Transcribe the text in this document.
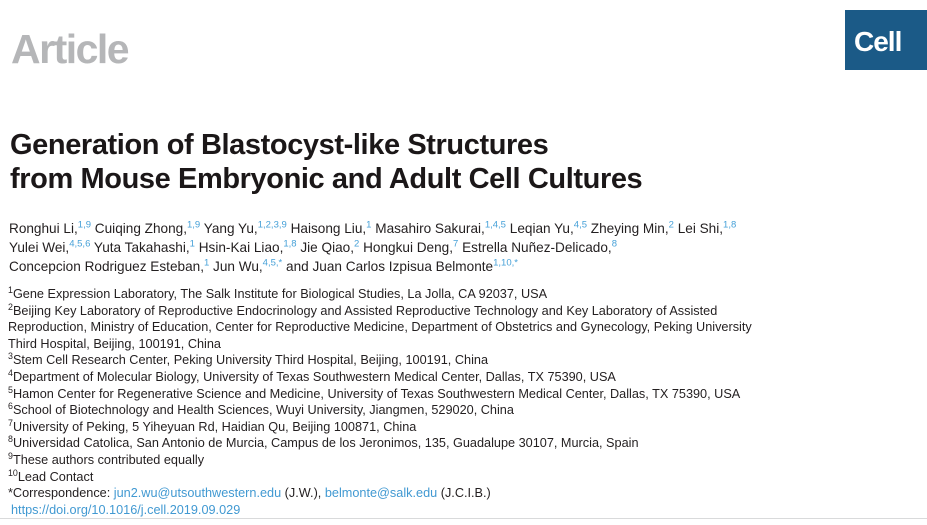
Article	Cell
Generation of Blastocyst-like Structures
from Mouse Embryonic and Adult Cell Cultures
Ronghui Li,$^{1,9}$ Cuiqing Zhong,$^{1,9}$ Yang Yu,$^{1,2,3,9}$ Haisong Liu,$^1$ Masahiro Sakurai,$^{1,4,5}$ Leqian Yu,$^{4,5}$ Zheying Min,$^2$ Lei Shi,$^{1,8}$
Yulei Wei,$^{4,5,6}$ Yuta Takahashi,$^1$ Hsin-Kai Liao,$^{1,8}$ Jie Qiao,$^2$ Hongkui Deng,$^7$ Estrella Nuñez-Delicado,$^8$
Concepcion Rodriguez Esteban,$^1$ Jun Wu,$^{4,5,*}$ and Juan Carlos Izpisua Belmonte$^{1,10,*}$
$^1$Gene Expression Laboratory, The Salk Institute for Biological Studies, La Jolla, CA 92037, USA
$^2$Beijing Key Laboratory of Reproductive Endocrinology and Assisted Reproductive Technology and Key Laboratory of Assisted Reproduction, Ministry of Education, Center for Reproductive Medicine, Department of Obstetrics and Gynecology, Peking University Third Hospital, Beijing, 100191, China
$^3$Stem Cell Research Center, Peking University Third Hospital, Beijing, 100191, China
$^4$Department of Molecular Biology, University of Texas Southwestern Medical Center, Dallas, TX 75390, USA
$^5$Hamon Center for Regenerative Science and Medicine, University of Texas Southwestern Medical Center, Dallas, TX 75390, USA
$^6$School of Biotechnology and Health Sciences, Wuyi University, Jiangmen, 529020, China
$^7$University of Peking, 5 Yiheyuan Rd, Haidian Qu, Beijing 100871, China
$^8$Universidad Catolica, San Antonio de Murcia, Campus de los Jeronimos, 135, Guadalupe 30107, Murcia, Spain
$^9$These authors contributed equally
$^{10}$Lead Contact
*Correspondence: jun2.wu@utsouthwestern.edu (J.W.), belmonte@salk.edu (J.C.I.B.)
https://doi.org/10.1016/j.cell.2019.09.029
